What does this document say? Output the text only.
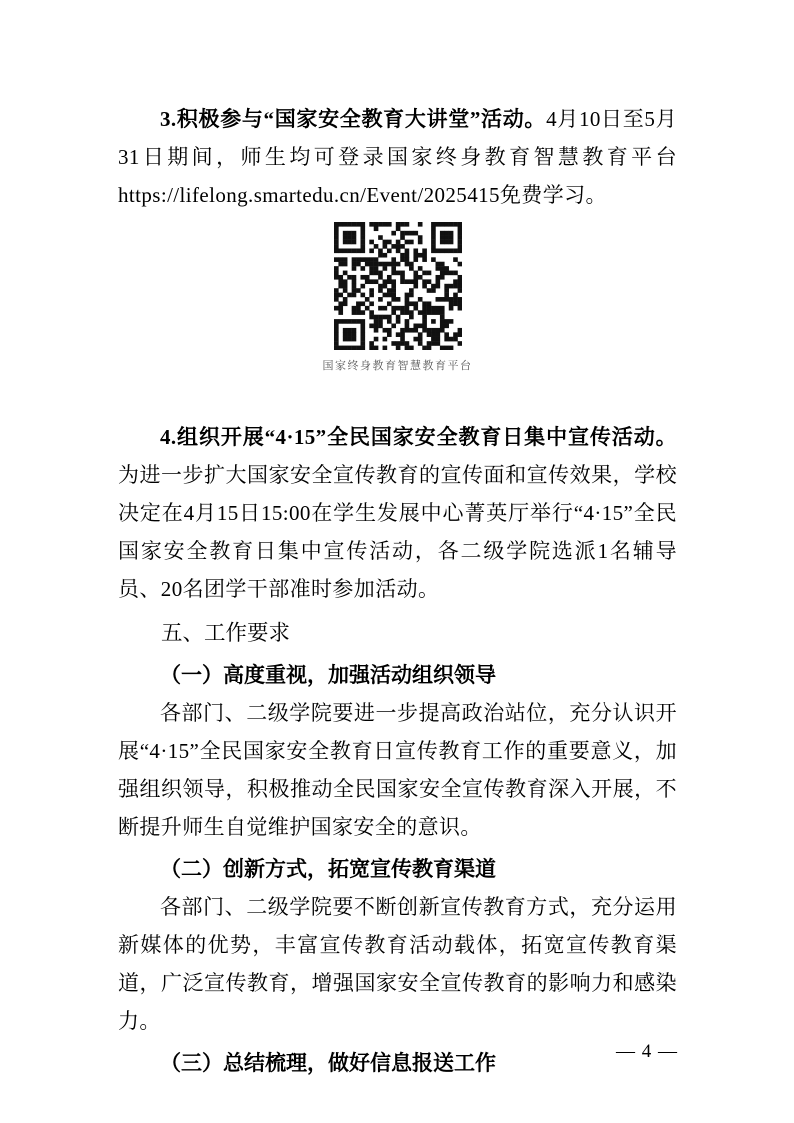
3.积极参与“国家安全教育大讲堂”活动。4月10日至5月31日期间，师生均可登录国家终身教育智慧教育平台 https://lifelong.smartedu.cn/Event/2025415免费学习。

国家终身教育智慧教育平台

4.组织开展“4·15”全民国家安全教育日集中宣传活动。为进一步扩大国家安全宣传教育的宣传面和宣传效果，学校决定在4月15日15:00在学生发展中心菁英厅举行“4·15”全民国家安全教育日集中宣传活动，各二级学院选派1名辅导员、20名团学干部准时参加活动。

五、工作要求
（一）高度重视，加强活动组织领导

各部门、二级学院要进一步提高政治站位，充分认识开展“4·15”全民国家安全教育日宣传教育工作的重要意义，加强组织领导，积极推动全民国家安全宣传教育深入开展，不断提升师生自觉维护国家安全的意识。

（二）创新方式，拓宽宣传教育渠道

各部门、二级学院要不断创新宣传教育方式，充分运用新媒体的优势，丰富宣传教育活动载体，拓宽宣传教育渠道，广泛宣传教育，增强国家安全宣传教育的影响力和感染力。

（三）总结梳理，做好信息报送工作	— 4 —
